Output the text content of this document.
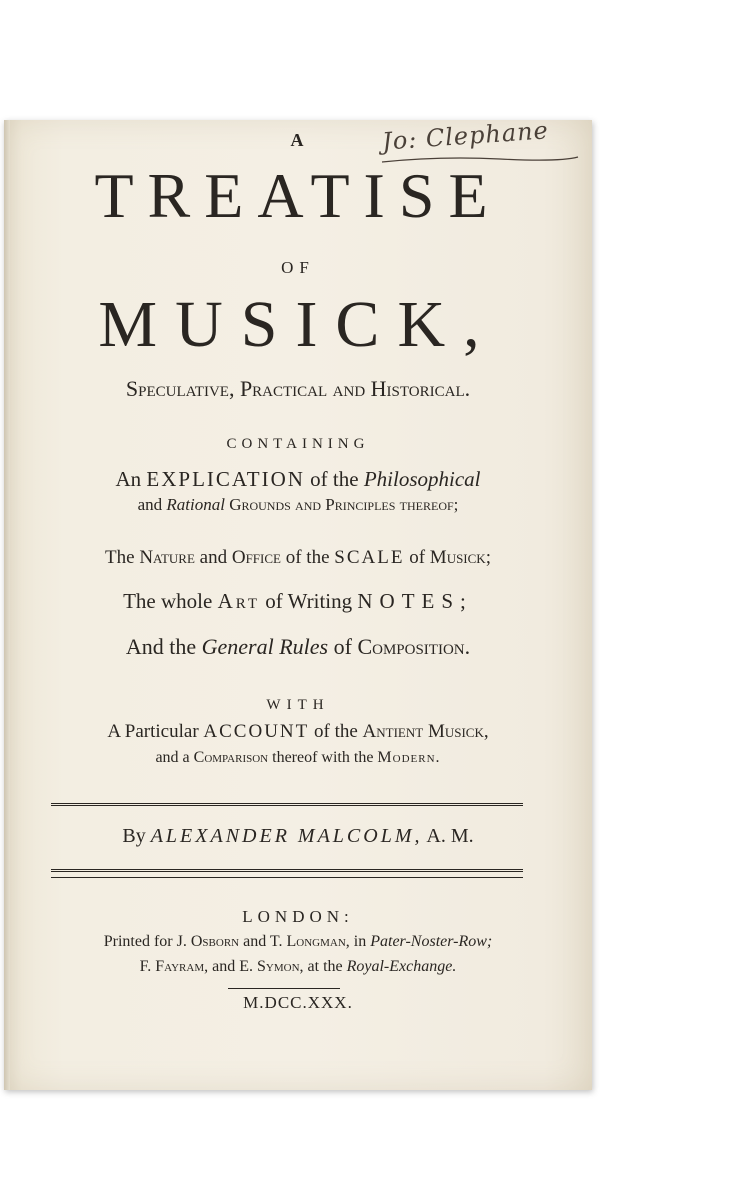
Jo: Clephane
A
TREATISE
OF
MUSICK,
Speculative, Practical and Historical.
CONTAINING
An EXPLICATION of the Philosophical
and Rational Grounds and Principles thereof;
The Nature and Office of the SCALE of Musick;
The whole Art of Writing NOTES;
And the General Rules of Composition.
WITH
A Particular ACCOUNT of the Antient Musick,
and a Comparison thereof with the Modern.
By ALEXANDER MALCOLM, A. M.
LONDON:
Printed for J. Osborn and T. Longman, in Pater-Noster-Row;
F. Fayram, and E. Symon, at the Royal-Exchange.
M.DCC.XXX.
